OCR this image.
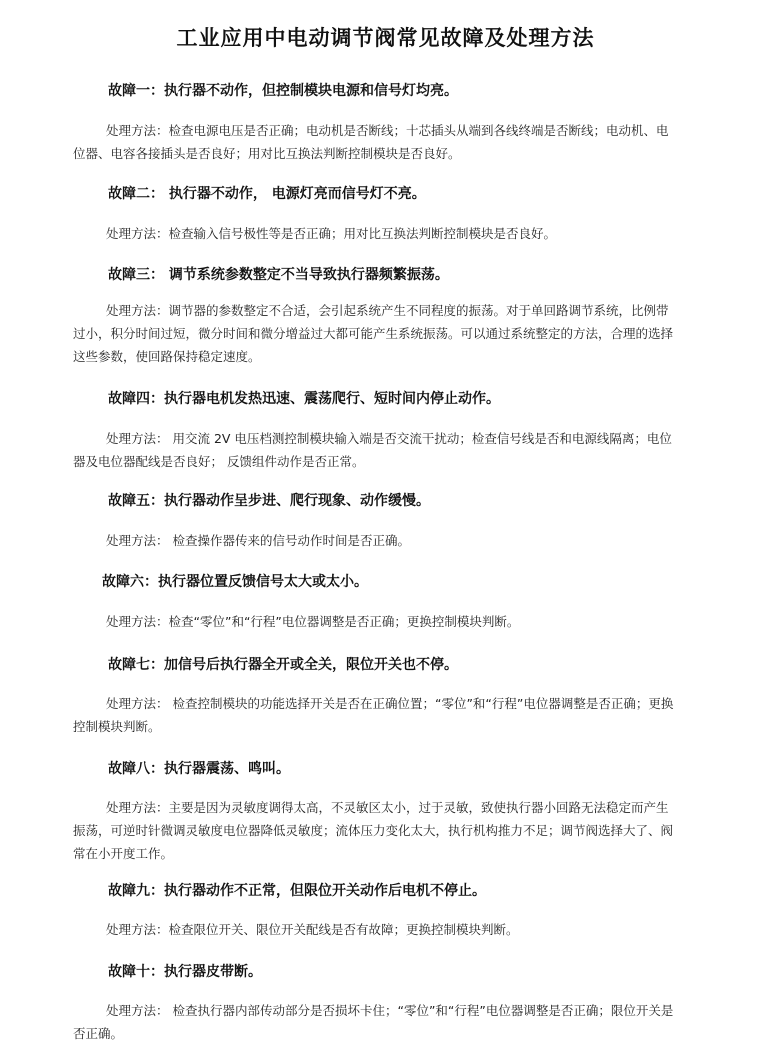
工业应用中电动调节阀常见故障及处理方法
故障一：执行器不动作，但控制模块电源和信号灯均亮。
处理方法：检查电源电压是否正确；电动机是否断线；十芯插头从端到各线终端是否断线；电动机、电位器、电容各接插头是否良好；用对比互换法判断控制模块是否良好。
故障二： 执行器不动作， 电源灯亮而信号灯不亮。
处理方法：检查输入信号极性等是否正确；用对比互换法判断控制模块是否良好。
故障三： 调节系统参数整定不当导致执行器频繁振荡。
处理方法：调节器的参数整定不合适，会引起系统产生不同程度的振荡。对于单回路调节系统，比例带过小，积分时间过短，微分时间和微分增益过大都可能产生系统振荡。可以通过系统整定的方法，合理的选择这些参数，使回路保持稳定速度。
故障四：执行器电机发热迅速、震荡爬行、短时间内停止动作。
处理方法： 用交流 2V 电压档测控制模块输入端是否交流干扰动；检查信号线是否和电源线隔离；电位器及电位器配线是否良好； 反馈组件动作是否正常。
故障五：执行器动作呈步进、爬行现象、动作缓慢。
处理方法： 检查操作器传来的信号动作时间是否正确。
故障六：执行器位置反馈信号太大或太小。
处理方法：检查“零位”和“行程”电位器调整是否正确；更换控制模块判断。
故障七：加信号后执行器全开或全关，限位开关也不停。
处理方法： 检查控制模块的功能选择开关是否在正确位置；“零位”和“行程”电位器调整是否正确；更换控制模块判断。
故障八：执行器震荡、鸣叫。
处理方法：主要是因为灵敏度调得太高，不灵敏区太小，过于灵敏，致使执行器小回路无法稳定而产生振荡，可逆时针微调灵敏度电位器降低灵敏度；流体压力变化太大，执行机构推力不足；调节阀选择大了、阀常在小开度工作。
故障九：执行器动作不正常，但限位开关动作后电机不停止。
处理方法：检查限位开关、限位开关配线是否有故障；更换控制模块判断。
故障十：执行器皮带断。
处理方法： 检查执行器内部传动部分是否损坏卡住；“零位”和“行程”电位器调整是否正确；限位开关是否正确。
